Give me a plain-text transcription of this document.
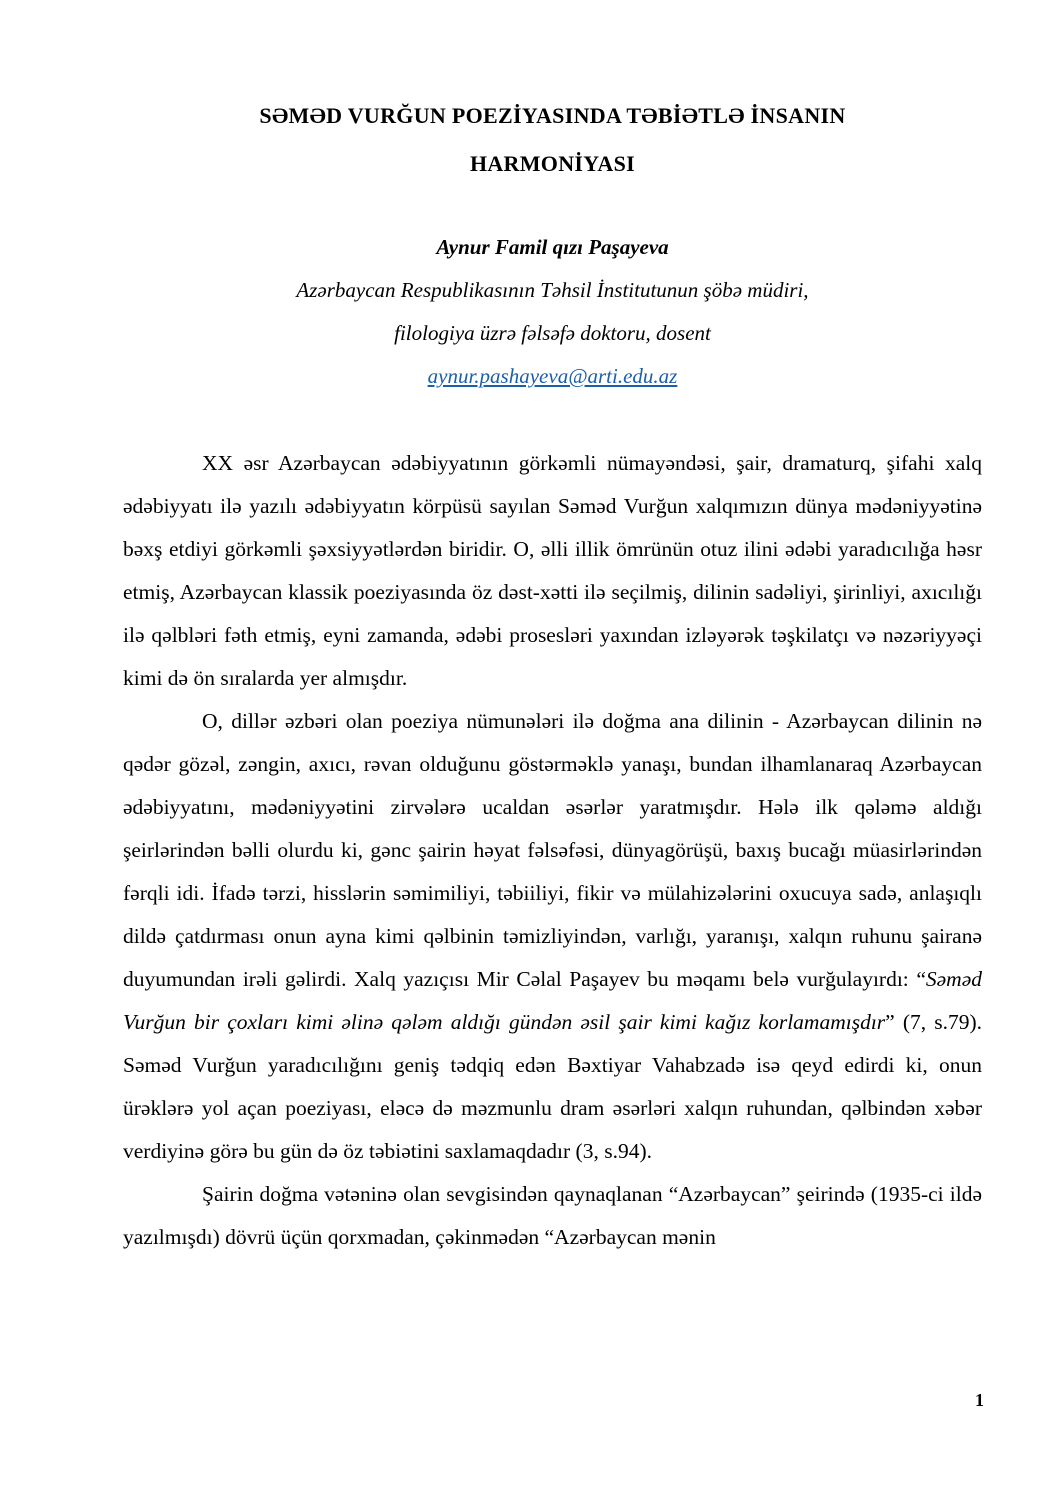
SƏMƏD VURĞUN POEZİYASINDA TƏBİƏTLƏ İNSANIN
HARMONİYASI
Aynur Famil qızı Paşayeva
Azərbaycan Respublikasının Təhsil İnstitutunun şöbə müdiri,
filologiya üzrə fəlsəfə doktoru, dosent
aynur.pashayeva@arti.edu.az

XX əsr Azərbaycan ədəbiyyatının görkəmli nümayəndəsi, şair, dramaturq, şifahi xalq ədəbiyyatı ilə yazılı ədəbiyyatın körpüsü sayılan Səməd Vurğun xalqımızın dünya mədəniyyətinə bəxş etdiyi görkəmli şəxsiyyətlərdən biridir. O, əlli illik ömrünün otuz ilini ədəbi yaradıcılığa həsr etmiş, Azərbaycan klassik poeziyasında öz dəst-xətti ilə seçilmiş, dilinin sadəliyi, şirinliyi, axıcılığı ilə qəlbləri fəth etmiş, eyni zamanda, ədəbi prosesləri yaxından izləyərək təşkilatçı və nəzəriyyəçi kimi də ön sıralarda yer almışdır.

O, dillər əzbəri olan poeziya nümunələri ilə doğma ana dilinin - Azərbaycan dilinin nə qədər gözəl, zəngin, axıcı, rəvan olduğunu göstərməklə yanaşı, bundan ilhamlanaraq Azərbaycan ədəbiyyatını, mədəniyyətini zirvələrə ucaldan əsərlər yaratmışdır. Hələ ilk qələmə aldığı şeirlərindən bəlli olurdu ki, gənc şairin həyat fəlsəfəsi, dünyagörüşü, baxış bucağı müasirlərindən fərqli idi. İfadə tərzi, hisslərin səmimiliyi, təbiiliyi, fikir və mülahizələrini oxucuya sadə, anlaşıqlı dildə çatdırması onun ayna kimi qəlbinin təmizliyindən, varlığı, yaranışı, xalqın ruhunu şairanə duyumundan irəli gəlirdi. Xalq yazıçısı Mir Cəlal Paşayev bu məqamı belə vurğulayırdı: “Səməd Vurğun bir çoxları kimi əlinə qələm aldığı gündən əsil şair kimi kağız korlamamışdır” (7, s.79). Səməd Vurğun yaradıcılığını geniş tədqiq edən Bəxtiyar Vahabzadə isə qeyd edirdi ki, onun ürəklərə yol açan poeziyası, eləcə də məzmunlu dram əsərləri xalqın ruhundan, qəlbindən xəbər verdiyinə görə bu gün də öz təbiətini saxlamaqdadır (3, s.94).

Şairin doğma vətəninə olan sevgisindən qaynaqlanan “Azərbaycan” şeirində (1935-ci ildə yazılmışdı) dövrü üçün qorxmadan, çəkinmədən “Azərbaycan mənin

1
